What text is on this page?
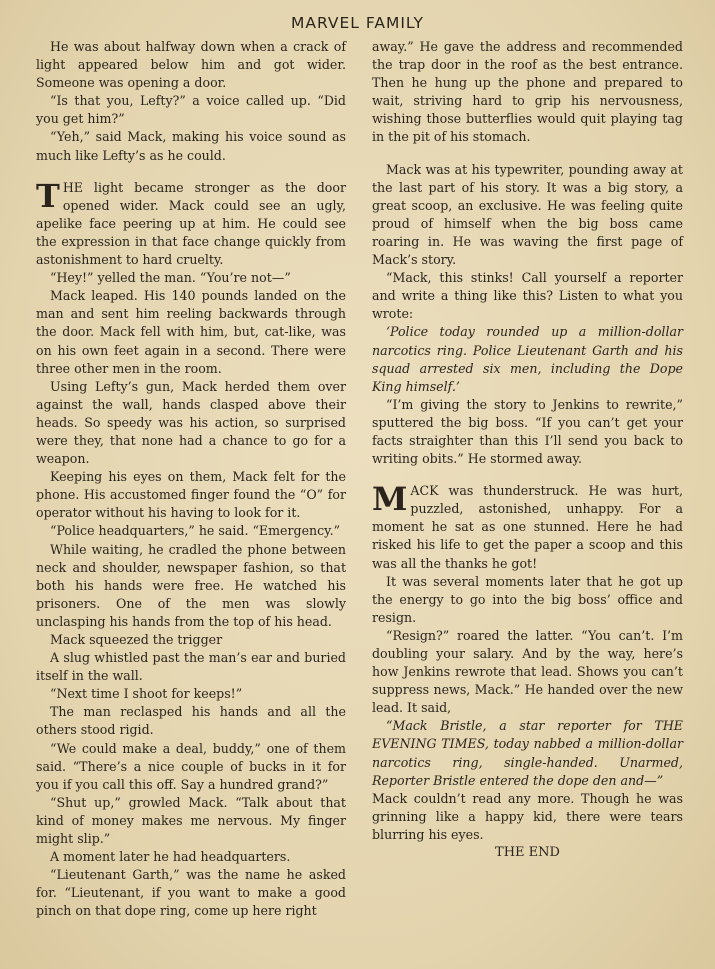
MARVEL FAMILY

He was about halfway down when a crack of light appeared below him and got wider. Someone was opening a door.

“Is that you, Lefty?” a voice called up. “Did you get him?”

“Yeh,” said Mack, making his voice sound as much like Lefty’s as he could.

THE light became stronger as the door opened wider. Mack could see an ugly, apelike face peering up at him. He could see the expression in that face change quickly from astonishment to hard cruelty.

“Hey!” yelled the man. “You’re not—”

Mack leaped. His 140 pounds landed on the man and sent him reeling backwards through the door. Mack fell with him, but, cat-like, was on his own feet again in a second. There were three other men in the room.

Using Lefty’s gun, Mack herded them over against the wall, hands clasped above their heads. So speedy was his action, so surprised were they, that none had a chance to go for a weapon.

Keeping his eyes on them, Mack felt for the phone. His accustomed finger found the “O” for operator without his having to look for it.

“Police headquarters,” he said. “Emergency.”

While waiting, he cradled the phone between neck and shoulder, newspaper fashion, so that both his hands were free. He watched his prisoners. One of the men was slowly unclasping his hands from the top of his head.

Mack squeezed the trigger

A slug whistled past the man’s ear and buried itself in the wall.

“Next time I shoot for keeps!”

The man reclasped his hands and all the others stood rigid.

“We could make a deal, buddy,” one of them said. “There’s a nice couple of bucks in it for you if you call this off. Say a hundred grand?”

“Shut up,” growled Mack. “Talk about that kind of money makes me nervous. My finger might slip.”

A moment later he had headquarters.

“Lieutenant Garth,” was the name he asked for. “Lieutenant, if you want to make a good pinch on that dope ring, come up here right

away.” He gave the address and recommended the trap door in the roof as the best entrance. Then he hung up the phone and prepared to wait, striving hard to grip his nervousness, wishing those butterflies would quit playing tag in the pit of his stomach.

Mack was at his typewriter, pounding away at the last part of his story. It was a big story, a great scoop, an exclusive. He was feeling quite proud of himself when the big boss came roaring in. He was waving the first page of Mack’s story.

“Mack, this stinks! Call yourself a reporter and write a thing like this? Listen to what you wrote:

‘Police today rounded up a million-dollar narcotics ring. Police Lieutenant Garth and his squad arrested six men, including the Dope King himself.’

“I’m giving the story to Jenkins to rewrite,” sputtered the big boss. “If you can’t get your facts straighter than this I’ll send you back to writing obits.” He stormed away.

MACK was thunderstruck. He was hurt, puzzled, astonished, unhappy. For a moment he sat as one stunned. Here he had risked his life to get the paper a scoop and this was all the thanks he got!

It was several moments later that he got up the energy to go into the big boss’ office and resign.

“Resign?” roared the latter. “You can’t. I’m doubling your salary. And by the way, here’s how Jenkins rewrote that lead. Shows you can’t suppress news, Mack.” He handed over the new lead. It said,

“Mack Bristle, a star reporter for THE EVENING TIMES, today nabbed a million-dollar narcotics ring, single-handed. Unarmed, Reporter Bristle entered the dope den and—”

Mack couldn’t read any more. Though he was grinning like a happy kid, there were tears blurring his eyes.

THE END
